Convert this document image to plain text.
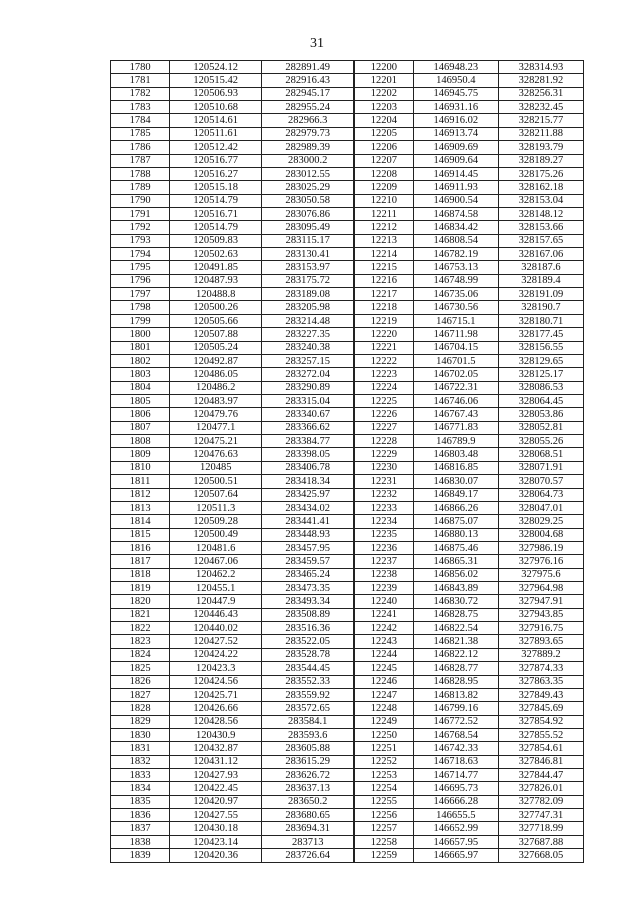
31
1780	120524.12	282891.49	12200	146948.23	328314.93
1781	120515.42	282916.43	12201	146950.4	328281.92
1782	120506.93	282945.17	12202	146945.75	328256.31
1783	120510.68	282955.24	12203	146931.16	328232.45
1784	120514.61	282966.3	12204	146916.02	328215.77
1785	120511.61	282979.73	12205	146913.74	328211.88
1786	120512.42	282989.39	12206	146909.69	328193.79
1787	120516.77	283000.2	12207	146909.64	328189.27
1788	120516.27	283012.55	12208	146914.45	328175.26
1789	120515.18	283025.29	12209	146911.93	328162.18
1790	120514.79	283050.58	12210	146900.54	328153.04
1791	120516.71	283076.86	12211	146874.58	328148.12
1792	120514.79	283095.49	12212	146834.42	328153.66
1793	120509.83	283115.17	12213	146808.54	328157.65
1794	120502.63	283130.41	12214	146782.19	328167.06
1795	120491.85	283153.97	12215	146753.13	328187.6
1796	120487.93	283175.72	12216	146748.99	328189.4
1797	120488.8	283189.08	12217	146735.06	328191.09
1798	120500.26	283205.98	12218	146730.56	328190.7
1799	120505.66	283214.48	12219	146715.1	328180.71
1800	120507.88	283227.35	12220	146711.98	328177.45
1801	120505.24	283240.38	12221	146704.15	328156.55
1802	120492.87	283257.15	12222	146701.5	328129.65
1803	120486.05	283272.04	12223	146702.05	328125.17
1804	120486.2	283290.89	12224	146722.31	328086.53
1805	120483.97	283315.04	12225	146746.06	328064.45
1806	120479.76	283340.67	12226	146767.43	328053.86
1807	120477.1	283366.62	12227	146771.83	328052.81
1808	120475.21	283384.77	12228	146789.9	328055.26
1809	120476.63	283398.05	12229	146803.48	328068.51
1810	120485	283406.78	12230	146816.85	328071.91
1811	120500.51	283418.34	12231	146830.07	328070.57
1812	120507.64	283425.97	12232	146849.17	328064.73
1813	120511.3	283434.02	12233	146866.26	328047.01
1814	120509.28	283441.41	12234	146875.07	328029.25
1815	120500.49	283448.93	12235	146880.13	328004.68
1816	120481.6	283457.95	12236	146875.46	327986.19
1817	120467.06	283459.57	12237	146865.31	327976.16
1818	120462.2	283465.24	12238	146856.02	327975.6
1819	120455.1	283473.35	12239	146843.89	327964.98
1820	120447.9	283493.34	12240	146830.72	327947.91
1821	120446.43	283508.89	12241	146828.75	327943.85
1822	120440.02	283516.36	12242	146822.54	327916.75
1823	120427.52	283522.05	12243	146821.38	327893.65
1824	120424.22	283528.78	12244	146822.12	327889.2
1825	120423.3	283544.45	12245	146828.77	327874.33
1826	120424.56	283552.33	12246	146828.95	327863.35
1827	120425.71	283559.92	12247	146813.82	327849.43
1828	120426.66	283572.65	12248	146799.16	327845.69
1829	120428.56	283584.1	12249	146772.52	327854.92
1830	120430.9	283593.6	12250	146768.54	327855.52
1831	120432.87	283605.88	12251	146742.33	327854.61
1832	120431.12	283615.29	12252	146718.63	327846.81
1833	120427.93	283626.72	12253	146714.77	327844.47
1834	120422.45	283637.13	12254	146695.73	327826.01
1835	120420.97	283650.2	12255	146666.28	327782.09
1836	120427.55	283680.65	12256	146655.5	327747.31
1837	120430.18	283694.31	12257	146652.99	327718.99
1838	120423.14	283713	12258	146657.95	327687.88
1839	120420.36	283726.64	12259	146665.97	327668.05
